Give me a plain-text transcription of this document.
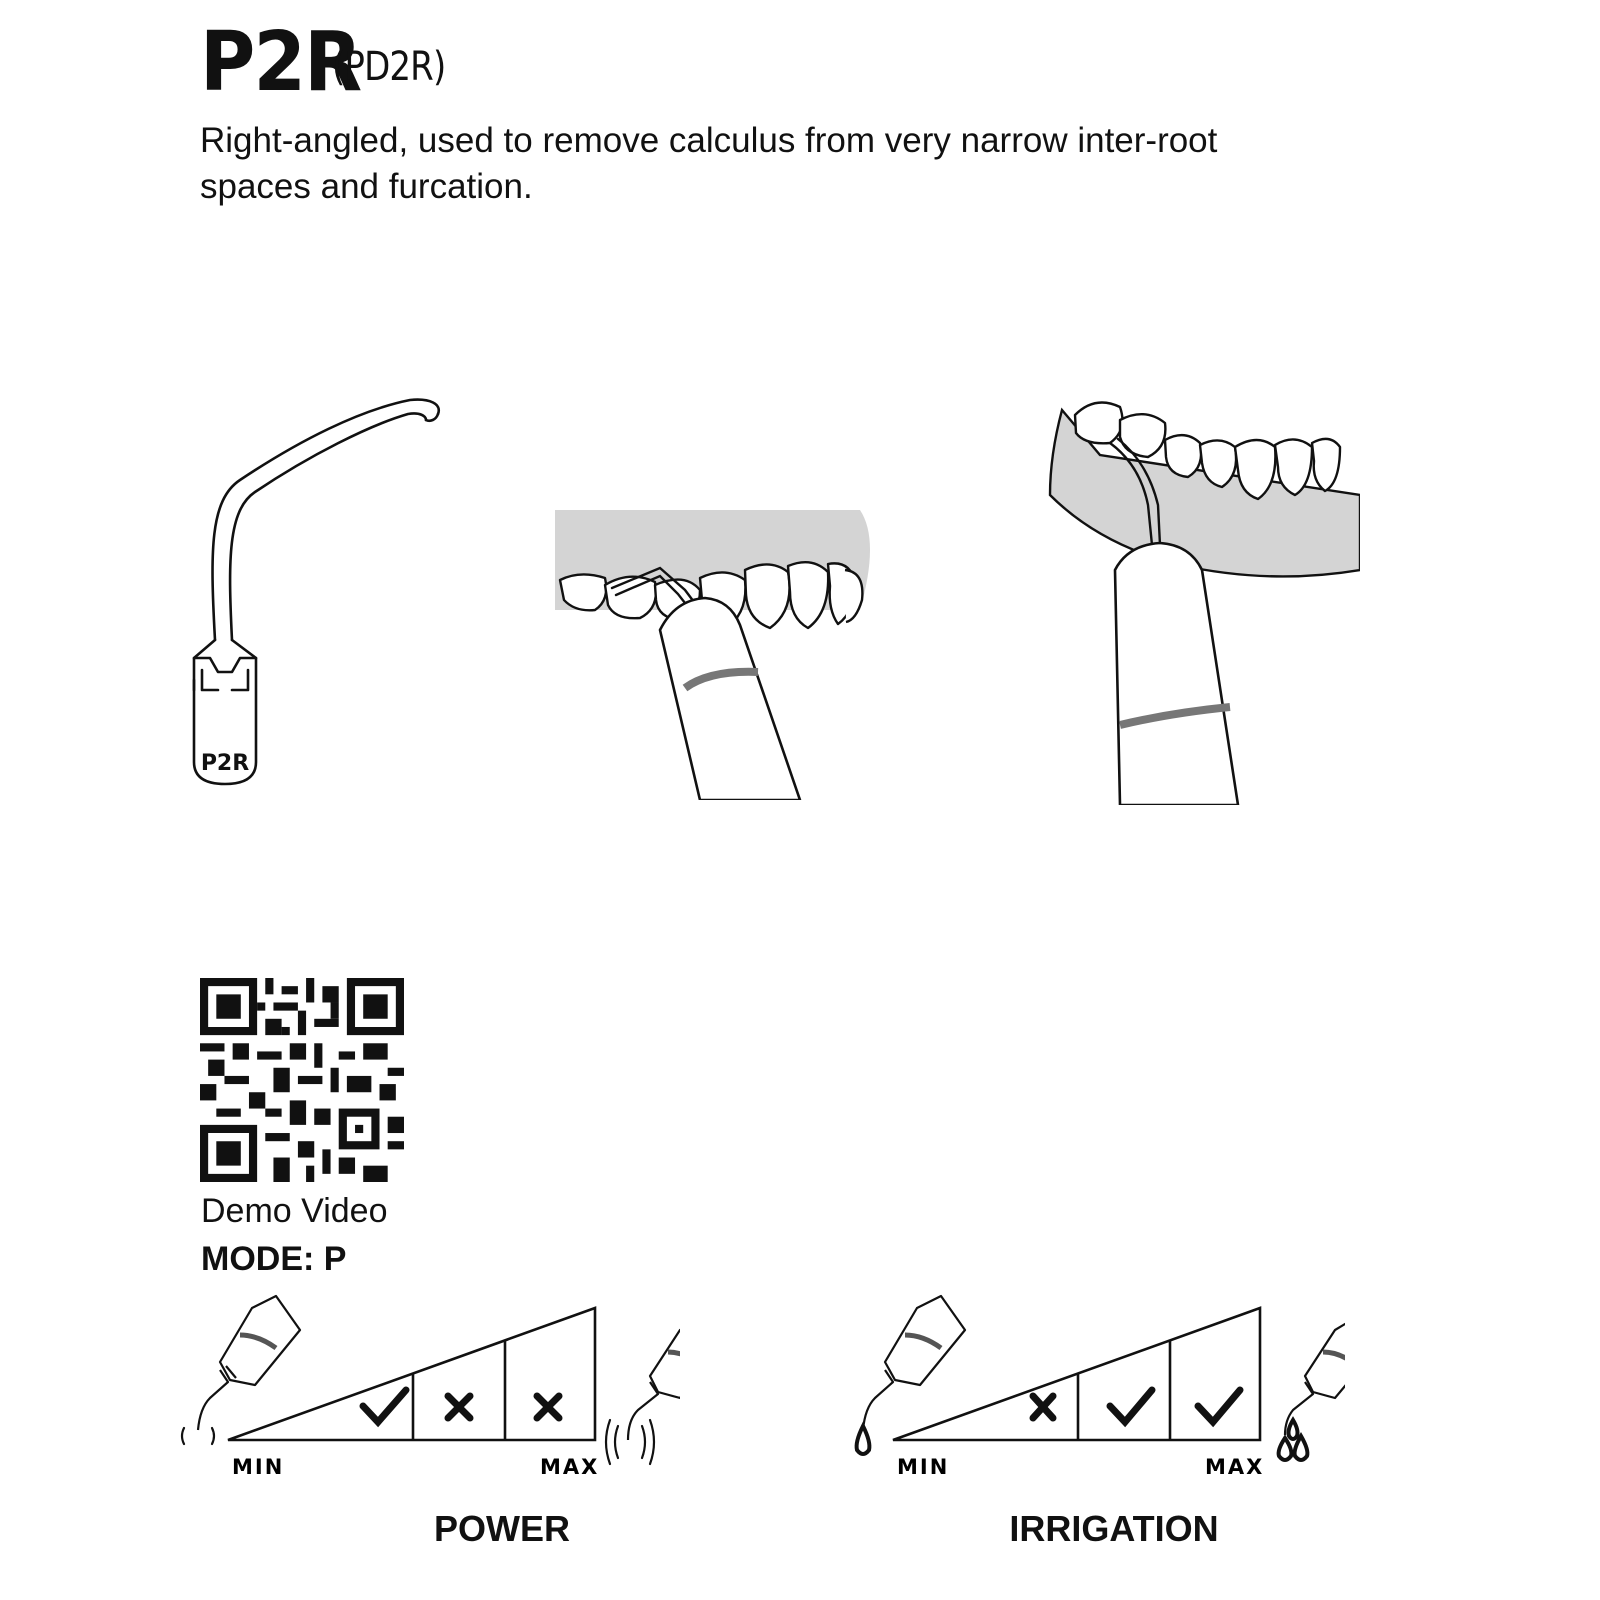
P2R
(PD2R)
Right-angled, used to remove calculus from very narrow inter-root spaces and furcation.
P2R
Demo Video
MODE: P
MIN	MAX
POWER
MIN	MAX
IRRIGATION
